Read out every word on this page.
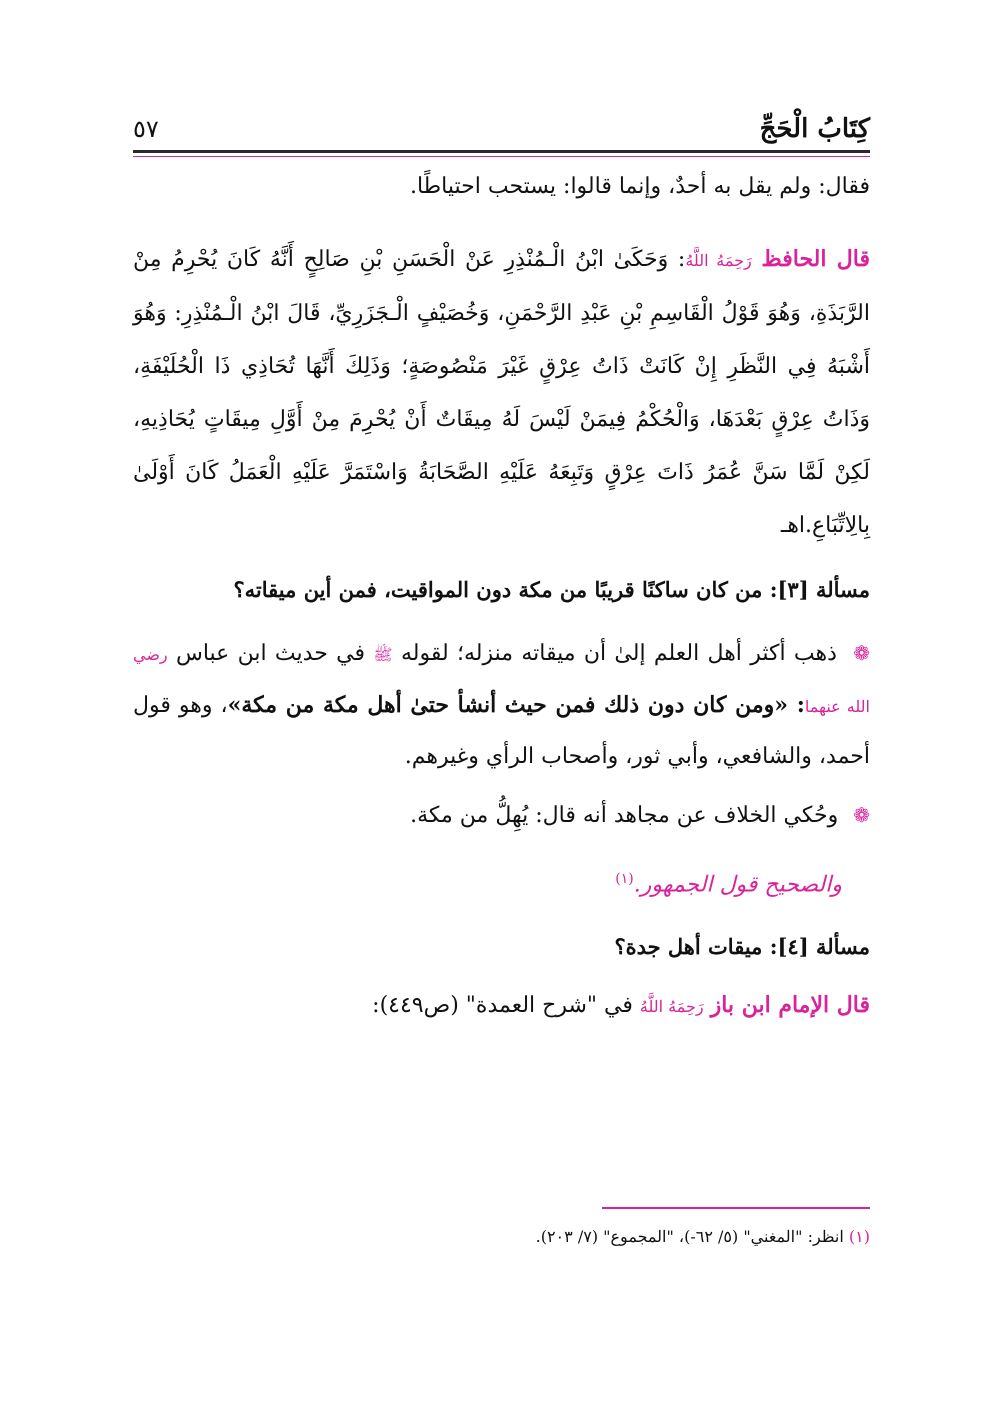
كِتَابُ الْحَجِّ
٥٧

فقال: ولم يقل به أحدٌ، وإنما قالوا: يستحب احتياطًا.

قال الحافظ رَحِمَهُ اللَّهُ: وَحَكَىٰ ابْنُ الْـمُنْذِرِ عَنْ الْحَسَنِ بْنِ صَالِحٍ أَنَّهُ كَانَ يُحْرِمُ مِنْ الرَّبَذَةِ، وَهُوَ قَوْلُ الْقَاسِمِ بْنِ عَبْدِ الرَّحْمَنِ، وَخُصَيْفٍ الْـجَزَرِيِّ، قَالَ ابْنُ الْـمُنْذِرِ: وَهُوَ أَشْبَهُ فِي النَّظَرِ إِنْ كَانَتْ ذَاتُ عِرْقٍ غَيْرَ مَنْصُوصَةٍ؛ وَذَلِكَ أَنَّهَا تُحَاذِي ذَا الْحُلَيْفَةِ، وَذَاتُ عِرْقٍ بَعْدَهَا، وَالْحُكْمُ فِيمَنْ لَيْسَ لَهُ مِيقَاتٌ أَنْ يُحْرِمَ مِنْ أَوَّلِ مِيقَاتٍ يُحَاذِيهِ، لَكِنْ لَمَّا سَنَّ عُمَرُ ذَاتَ عِرْقٍ وَتَبِعَهُ عَلَيْهِ الصَّحَابَةُ وَاسْتَمَرَّ عَلَيْهِ الْعَمَلُ كَانَ أَوْلَىٰ بِالِاتِّبَاعِ.اهـ

مسألة [٣]: من كان ساكنًا قريبًا من مكة دون المواقيت، فمن أين ميقاته؟

❁ ذهب أكثر أهل العلم إلىٰ أن ميقاته منزله؛ لقوله ﷺ في حديث ابن عباس رضي الله عنهما: «ومن كان دون ذلك فمن حيث أنشأ حتىٰ أهل مكة من مكة»، وهو قول أحمد، والشافعي، وأبي ثور، وأصحاب الرأي وغيرهم.

❁ وحُكي الخلاف عن مجاهد أنه قال: يُهِلُّ من مكة.

والصحيح قول الجمهور.$^{(١)}$

مسألة [٤]: ميقات أهل جدة؟

قال الإمام ابن باز رَحِمَهُ اللَّهُ في "شرح العمدة" (ص٤٤٩):

(١) انظر: "المغني" (٥/ ٦٢-)، "المجموع" (٧/ ٢٠٣).
